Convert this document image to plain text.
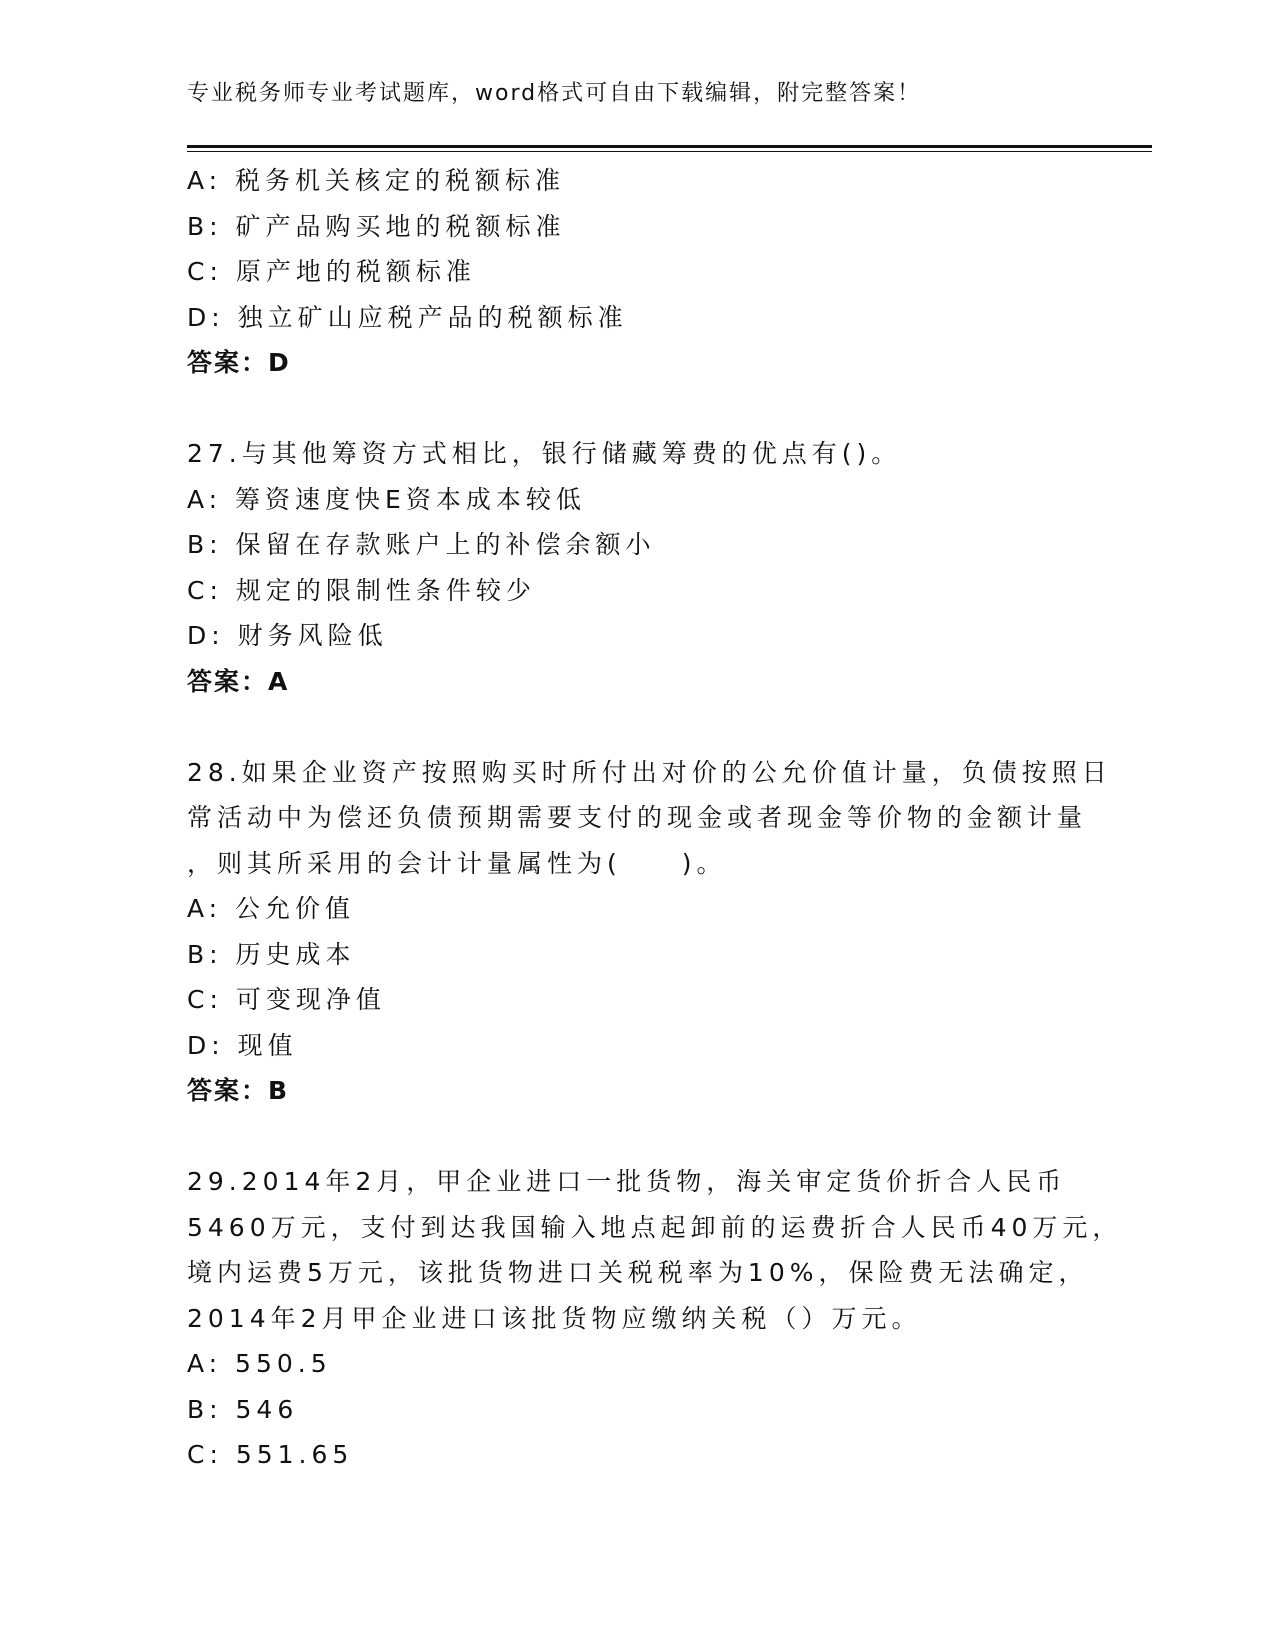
专业税务师专业考试题库，word格式可自由下载编辑，附完整答案！
A: 税务机关核定的税额标准
B: 矿产品购买地的税额标准
C: 原产地的税额标准
D: 独立矿山应税产品的税额标准
答案：D
27.与其他筹资方式相比，银行储藏筹费的优点有()。
A: 筹资速度快E资本成本较低
B: 保留在存款账户上的补偿余额小
C: 规定的限制性条件较少
D: 财务风险低
答案：A
28.如果企业资产按照购买时所付出对价的公允价值计量，负债按照日
常活动中为偿还负债预期需要支付的现金或者现金等价物的金额计量
，则其所采用的会计计量属性为(　　)。
A: 公允价值
B: 历史成本
C: 可变现净值
D: 现值
答案：B
29.2014年2月，甲企业进口一批货物，海关审定货价折合人民币
5460万元，支付到达我国输入地点起卸前的运费折合人民币40万元，
境内运费5万元，该批货物进口关税税率为10%，保险费无法确定，
2014年2月甲企业进口该批货物应缴纳关税（）万元。
A: 550.5
B: 546
C: 551.65
